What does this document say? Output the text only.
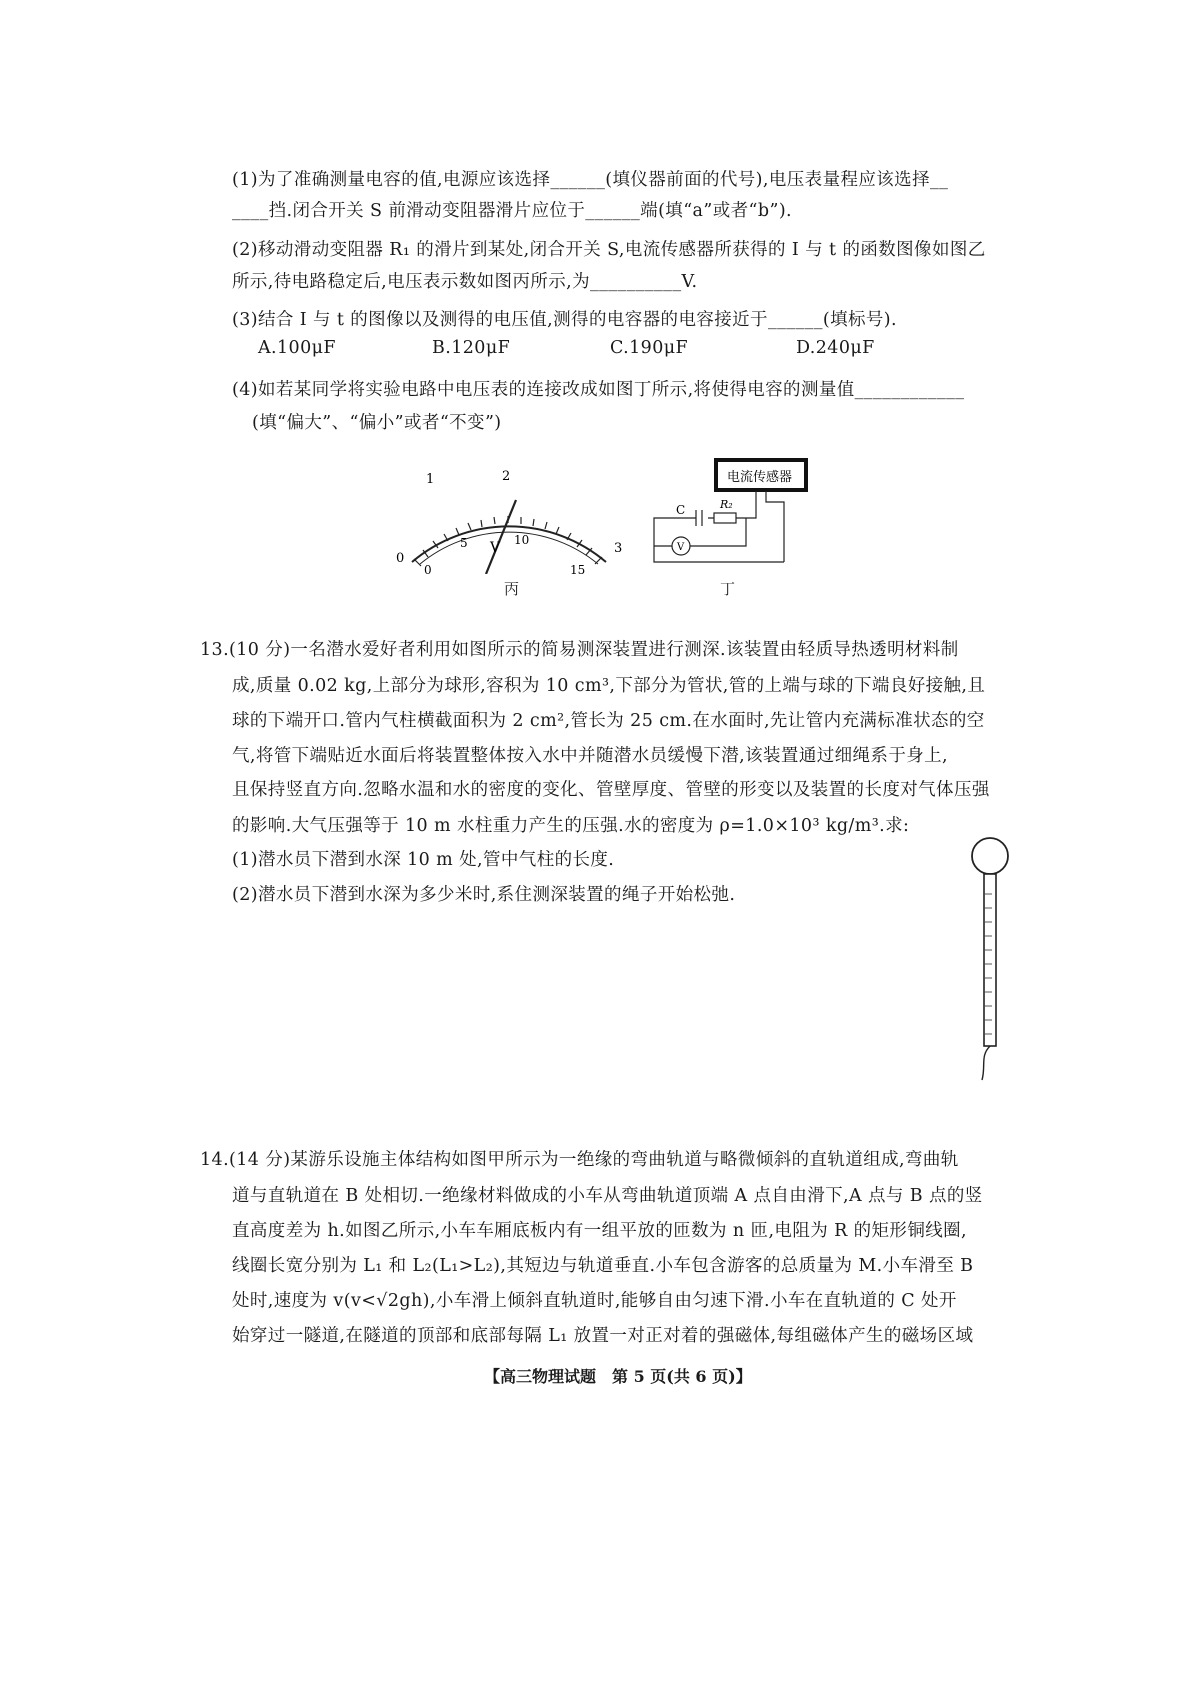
(1)为了准确测量电容的值,电源应该选择______(填仪器前面的代号),电压表量程应该选择__
____挡.闭合开关 S 前滑动变阻器滑片应位于______端(填“a”或者“b”).
(2)移动滑动变阻器 R₁ 的滑片到某处,闭合开关 S,电流传感器所获得的 I 与 t 的函数图像如图乙
所示,待电路稳定后,电压表示数如图丙所示,为__________V.
(3)结合 I 与 t 的图像以及测得的电压值,测得的电容器的电容接近于______(填标号).
A.100μF	B.120μF	C.190μF	D.240μF
(4)如若某同学将实验电路中电压表的连接改成如图丁所示,将使得电容的测量值____________
(填“偏大”、“偏小”或者“不变”)
0
1	2
3
0
5	10
15
V
丙
电流传感器
V
C	R₂
丁
13.(10 分)一名潜水爱好者利用如图所示的简易测深装置进行测深.该装置由轻质导热透明材料制
成,质量 0.02 kg,上部分为球形,容积为 10 cm³,下部分为管状,管的上端与球的下端良好接触,且
球的下端开口.管内气柱横截面积为 2 cm²,管长为 25 cm.在水面时,先让管内充满标准状态的空
气,将管下端贴近水面后将装置整体按入水中并随潜水员缓慢下潜,该装置通过细绳系于身上,
且保持竖直方向.忽略水温和水的密度的变化、管壁厚度、管壁的形变以及装置的长度对气体压强
的影响.大气压强等于 10 m 水柱重力产生的压强.水的密度为 ρ=1.0×10³ kg/m³.求:
(1)潜水员下潜到水深 10 m 处,管中气柱的长度.
(2)潜水员下潜到水深为多少米时,系住测深装置的绳子开始松弛.
14.(14 分)某游乐设施主体结构如图甲所示为一绝缘的弯曲轨道与略微倾斜的直轨道组成,弯曲轨
道与直轨道在 B 处相切.一绝缘材料做成的小车从弯曲轨道顶端 A 点自由滑下,A 点与 B 点的竖
直高度差为 h.如图乙所示,小车车厢底板内有一组平放的匝数为 n 匝,电阻为 R 的矩形铜线圈,
线圈长宽分别为 L₁ 和 L₂(L₁>L₂),其短边与轨道垂直.小车包含游客的总质量为 M.小车滑至 B
处时,速度为 v(v<√2gh),小车滑上倾斜直轨道时,能够自由匀速下滑.小车在直轨道的 C 处开
始穿过一隧道,在隧道的顶部和底部每隔 L₁ 放置一对正对着的强磁体,每组磁体产生的磁场区域
【高三物理试题　第 5 页(共 6 页)】
